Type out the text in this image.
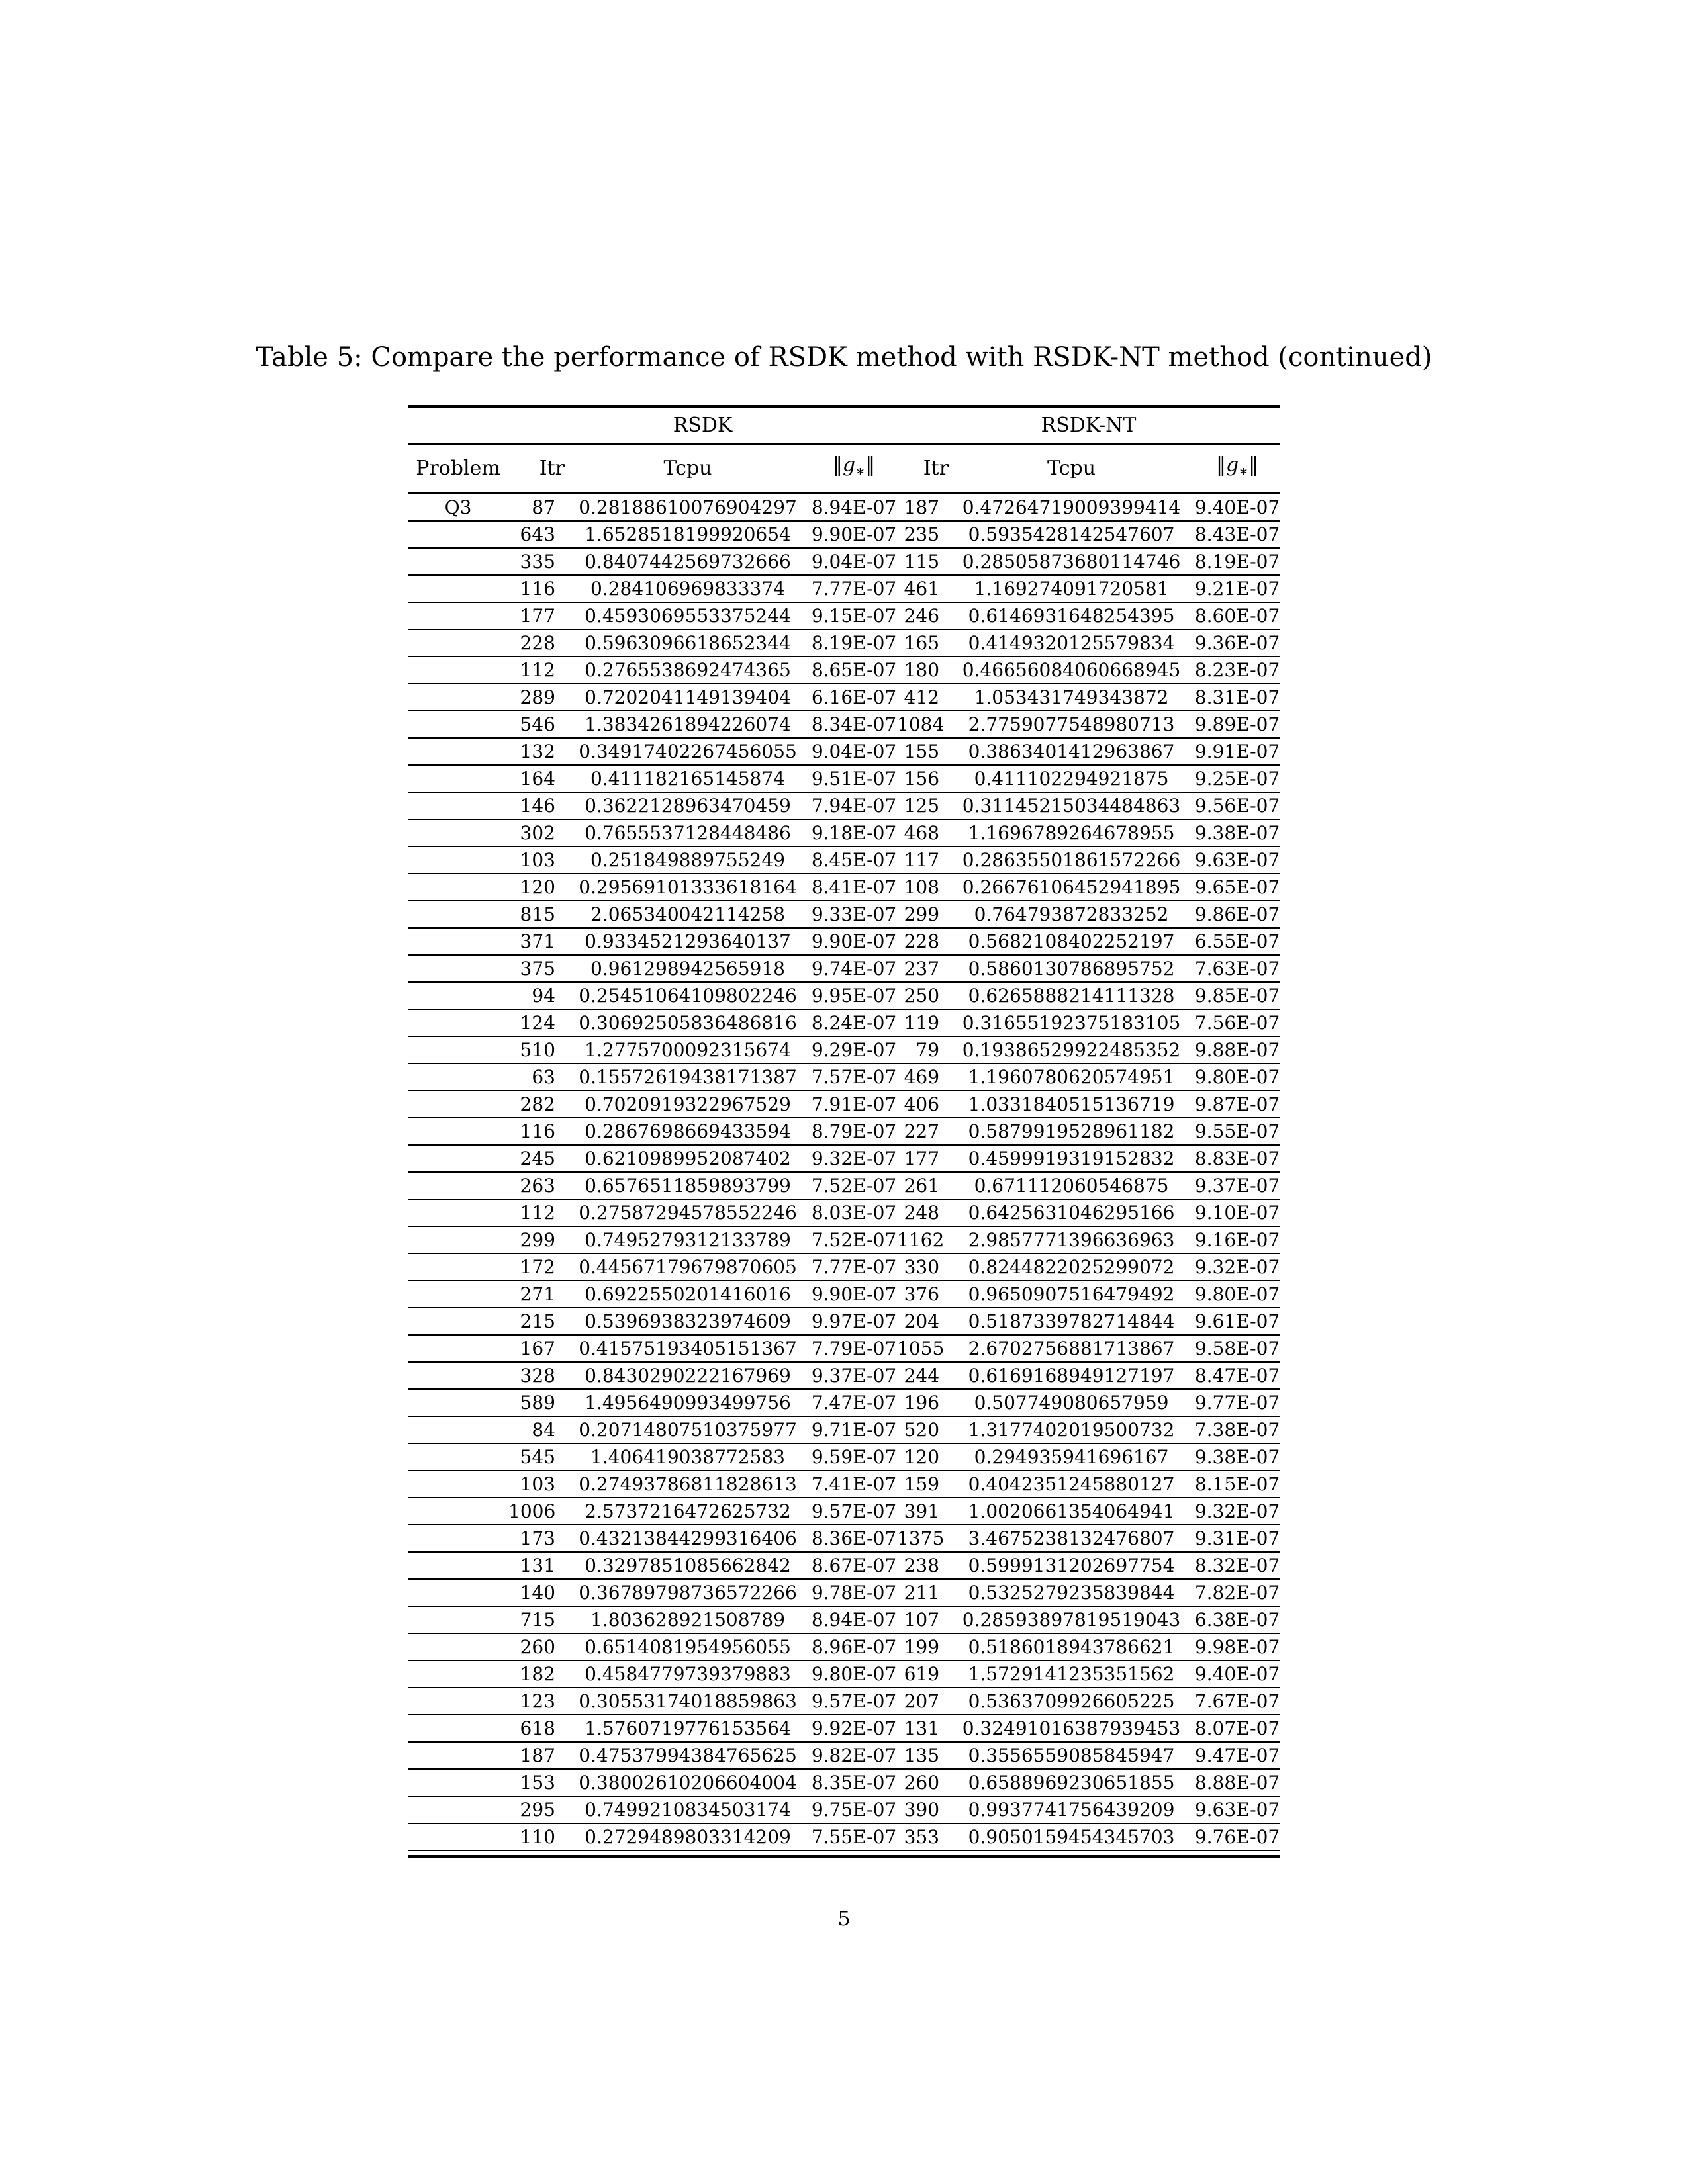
Table 5: Compare the performance of RSDK method with RSDK-NT method (continued)
	RSDK			RSDK-NT		
Problem	Itr	Tcpu	$‖g_∗‖$	Itr	Tcpu	$‖g_∗‖$
Q3	87	0.28188610076904297	8.94E-07	187	0.47264719009399414	9.40E-07
	643	1.6528518199920654	9.90E-07	235	0.5935428142547607	8.43E-07
	335	0.8407442569732666	9.04E-07	115	0.28505873680114746	8.19E-07
	116	0.284106969833374	7.77E-07	461	1.169274091720581	9.21E-07
	177	0.4593069553375244	9.15E-07	246	0.6146931648254395	8.60E-07
	228	0.5963096618652344	8.19E-07	165	0.4149320125579834	9.36E-07
	112	0.2765538692474365	8.65E-07	180	0.46656084060668945	8.23E-07
	289	0.7202041149139404	6.16E-07	412	1.053431749343872	8.31E-07
	546	1.3834261894226074	8.34E-07	1084	2.7759077548980713	9.89E-07
	132	0.34917402267456055	9.04E-07	155	0.3863401412963867	9.91E-07
	164	0.411182165145874	9.51E-07	156	0.411102294921875	9.25E-07
	146	0.3622128963470459	7.94E-07	125	0.31145215034484863	9.56E-07
	302	0.7655537128448486	9.18E-07	468	1.1696789264678955	9.38E-07
	103	0.251849889755249	8.45E-07	117	0.28635501861572266	9.63E-07
	120	0.29569101333618164	8.41E-07	108	0.26676106452941895	9.65E-07
	815	2.065340042114258	9.33E-07	299	0.764793872833252	9.86E-07
	371	0.9334521293640137	9.90E-07	228	0.5682108402252197	6.55E-07
	375	0.961298942565918	9.74E-07	237	0.5860130786895752	7.63E-07
	94	0.25451064109802246	9.95E-07	250	0.6265888214111328	9.85E-07
	124	0.30692505836486816	8.24E-07	119	0.31655192375183105	7.56E-07
	510	1.2775700092315674	9.29E-07	79	0.19386529922485352	9.88E-07
	63	0.15572619438171387	7.57E-07	469	1.1960780620574951	9.80E-07
	282	0.7020919322967529	7.91E-07	406	1.0331840515136719	9.87E-07
	116	0.2867698669433594	8.79E-07	227	0.5879919528961182	9.55E-07
	245	0.6210989952087402	9.32E-07	177	0.4599919319152832	8.83E-07
	263	0.6576511859893799	7.52E-07	261	0.671112060546875	9.37E-07
	112	0.27587294578552246	8.03E-07	248	0.6425631046295166	9.10E-07
	299	0.7495279312133789	7.52E-07	1162	2.9857771396636963	9.16E-07
	172	0.44567179679870605	7.77E-07	330	0.8244822025299072	9.32E-07
	271	0.6922550201416016	9.90E-07	376	0.9650907516479492	9.80E-07
	215	0.5396938323974609	9.97E-07	204	0.5187339782714844	9.61E-07
	167	0.41575193405151367	7.79E-07	1055	2.6702756881713867	9.58E-07
	328	0.8430290222167969	9.37E-07	244	0.6169168949127197	8.47E-07
	589	1.4956490993499756	7.47E-07	196	0.507749080657959	9.77E-07
	84	0.20714807510375977	9.71E-07	520	1.3177402019500732	7.38E-07
	545	1.406419038772583	9.59E-07	120	0.294935941696167	9.38E-07
	103	0.27493786811828613	7.41E-07	159	0.4042351245880127	8.15E-07
	1006	2.5737216472625732	9.57E-07	391	1.0020661354064941	9.32E-07
	173	0.43213844299316406	8.36E-07	1375	3.4675238132476807	9.31E-07
	131	0.3297851085662842	8.67E-07	238	0.5999131202697754	8.32E-07
	140	0.36789798736572266	9.78E-07	211	0.5325279235839844	7.82E-07
	715	1.803628921508789	8.94E-07	107	0.28593897819519043	6.38E-07
	260	0.6514081954956055	8.96E-07	199	0.5186018943786621	9.98E-07
	182	0.4584779739379883	9.80E-07	619	1.5729141235351562	9.40E-07
	123	0.30553174018859863	9.57E-07	207	0.5363709926605225	7.67E-07
	618	1.5760719776153564	9.92E-07	131	0.32491016387939453	8.07E-07
	187	0.47537994384765625	9.82E-07	135	0.3556559085845947	9.47E-07
	153	0.38002610206604004	8.35E-07	260	0.6588969230651855	8.88E-07
	295	0.7499210834503174	9.75E-07	390	0.9937741756439209	9.63E-07
	110	0.2729489803314209	7.55E-07	353	0.9050159454345703	9.76E-07
5
